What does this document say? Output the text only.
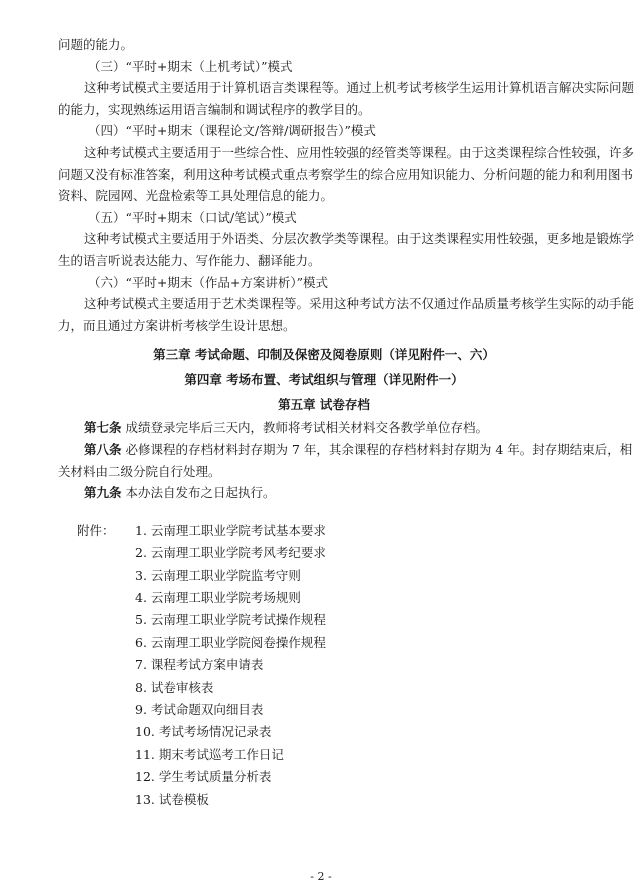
问题的能力。
（三）“平时+期末（上机考试）”模式
这种考试模式主要适用于计算机语言类课程等。通过上机考试考核学生运用计算机语言解决实际问题
的能力，实现熟练运用语言编制和调试程序的教学目的。
（四）“平时+期末（课程论文/答辩/调研报告）”模式
这种考试模式主要适用于一些综合性、应用性较强的经管类等课程。由于这类课程综合性较强，许多
问题又没有标准答案，利用这种考试模式重点考察学生的综合应用知识能力、分析问题的能力和利用图书
资料、院园网、光盘检索等工具处理信息的能力。
（五）“平时+期末（口试/笔试）”模式
这种考试模式主要适用于外语类、分层次教学类等课程。由于这类课程实用性较强，更多地是锻炼学
生的语言听说表达能力、写作能力、翻译能力。
（六）“平时+期末（作品+方案讲析）”模式
这种考试模式主要适用于艺术类课程等。采用这种考试方法不仅通过作品质量考核学生实际的动手能
力，而且通过方案讲析考核学生设计思想。
第三章 考试命题、印制及保密及阅卷原则（详见附件一、六）
第四章 考场布置、考试组织与管理（详见附件一）
第五章 试卷存档
第七条 成绩登录完毕后三天内，教师将考试相关材料交各教学单位存档。
第八条 必修课程的存档材料封存期为 7 年，其余课程的存档材料封存期为 4 年。封存期结束后，相
关材料由二级分院自行处理。
第九条 本办法自发布之日起执行。
附件： 1. 云南理工职业学院考试基本要求
2. 云南理工职业学院考风考纪要求
3. 云南理工职业学院监考守则
4. 云南理工职业学院考场规则
5. 云南理工职业学院考试操作规程
6. 云南理工职业学院阅卷操作规程
7. 课程考试方案申请表
8. 试卷审核表
9. 考试命题双向细目表
10. 考试考场情况记录表
11. 期末考试巡考工作日记
12. 学生考试质量分析表
13. 试卷模板
- 2 -
